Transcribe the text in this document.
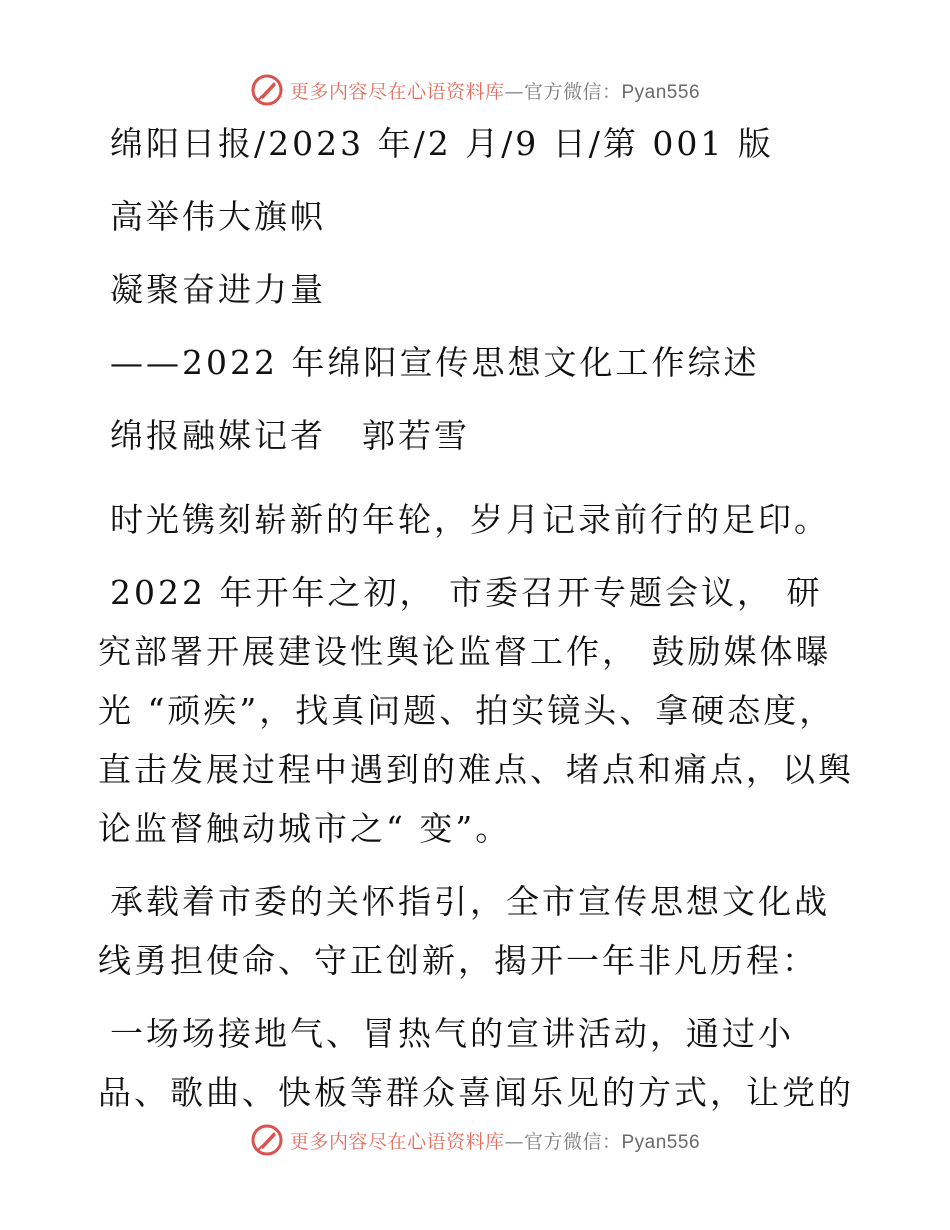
更多内容尽在心语资料库—官方微信：Pyan556

绵阳日报/2023 年/2 月/9 日/第 001 版

高举伟大旗帜

凝聚奋进力量

——2022 年绵阳宣传思想文化工作综述

绵报融媒记者　郭若雪

时光镌刻崭新的年轮，岁月记录前行的足印。

2022 年开年之初， 市委召开专题会议， 研究部署开展建设性舆论监督工作， 鼓励媒体曝光 “顽疾”，找真问题、拍实镜头、拿硬态度，直击发展过程中遇到的难点、堵点和痛点，以舆论监督触动城市之“ 变”。

承载着市委的关怀指引，全市宣传思想文化战线勇担使命、守正创新，揭开一年非凡历程：

一场场接地气、冒热气的宣讲活动，通过小品、歌曲、快板等群众喜闻乐见的方式，让党的

更多内容尽在心语资料库—官方微信：Pyan556
